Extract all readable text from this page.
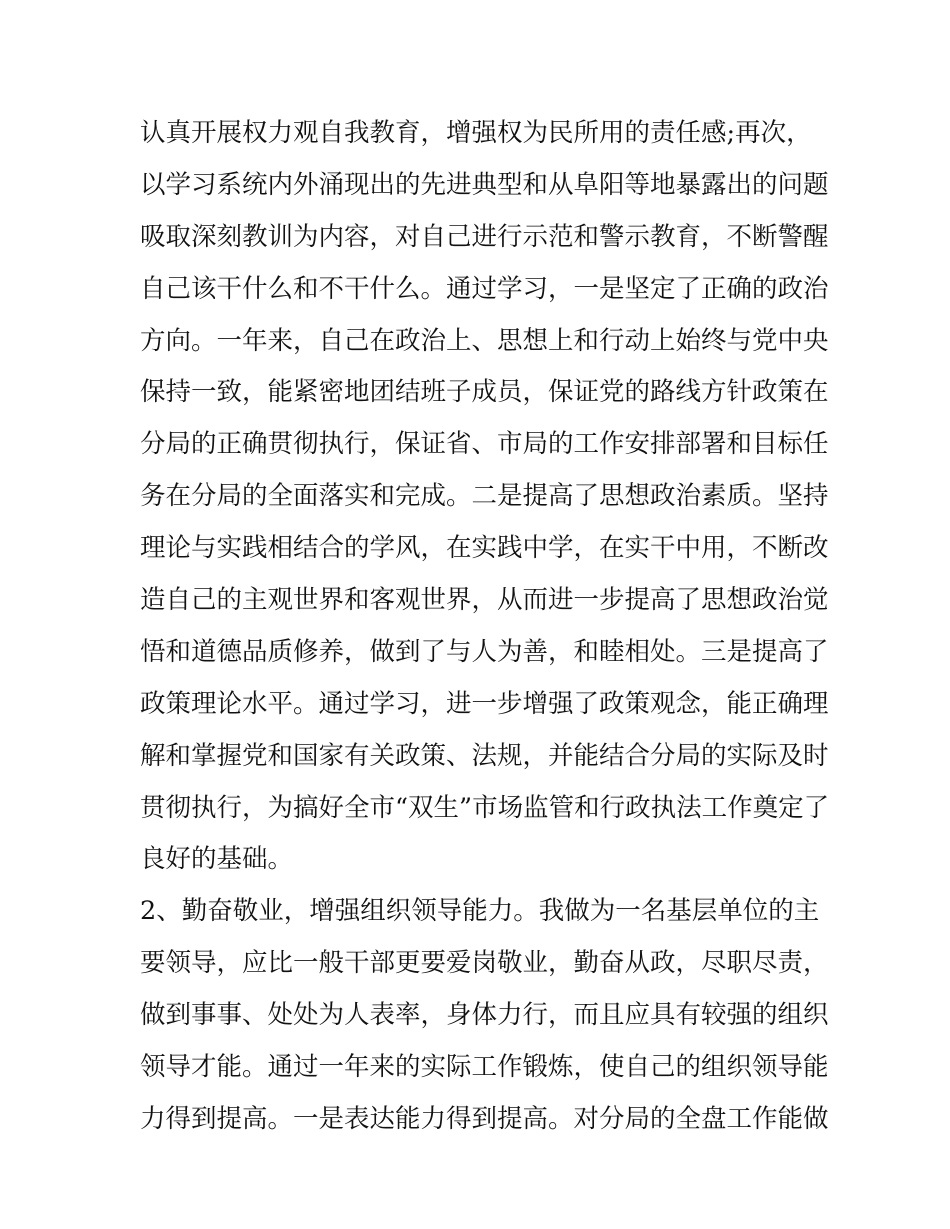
认真开展权力观自我教育，增强权为民所用的责任感;再次，
以学习系统内外涌现出的先进典型和从阜阳等地暴露出的问题
吸取深刻教训为内容，对自己进行示范和警示教育，不断警醒
自己该干什么和不干什么。通过学习，一是坚定了正确的政治
方向。一年来，自己在政治上、思想上和行动上始终与党中央
保持一致，能紧密地团结班子成员，保证党的路线方针政策在
分局的正确贯彻执行，保证省、市局的工作安排部署和目标任
务在分局的全面落实和完成。二是提高了思想政治素质。坚持
理论与实践相结合的学风，在实践中学，在实干中用，不断改
造自己的主观世界和客观世界，从而进一步提高了思想政治觉
悟和道德品质修养，做到了与人为善，和睦相处。三是提高了
政策理论水平。通过学习，进一步增强了政策观念，能正确理
解和掌握党和国家有关政策、法规，并能结合分局的实际及时
贯彻执行，为搞好全市“双生”市场监管和行政执法工作奠定了
良好的基础。
2、勤奋敬业，增强组织领导能力。我做为一名基层单位的主
要领导，应比一般干部更要爱岗敬业，勤奋从政，尽职尽责，
做到事事、处处为人表率，身体力行，而且应具有较强的组织
领导才能。通过一年来的实际工作锻炼，使自己的组织领导能
力得到提高。一是表达能力得到提高。对分局的全盘工作能做
